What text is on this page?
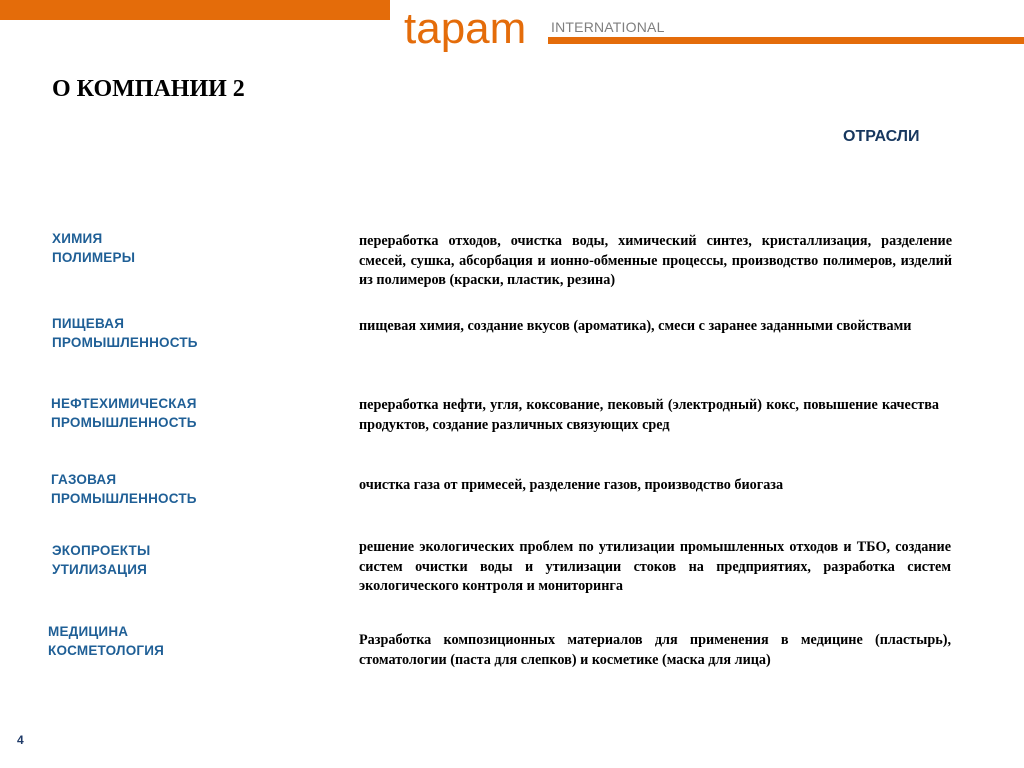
tapam INTERNATIONAL
О КОМПАНИИ 2
ОТРАСЛИ
ХИМИЯ
ПОЛИМЕРЫ
переработка отходов, очистка воды, химический синтез, кристаллизация, разделение смесей, сушка, абсорбация и ионно-обменные процессы, производство полимеров, изделий из полимеров (краски, пластик, резина)
ПИЩЕВАЯ
ПРОМЫШЛЕННОСТЬ
пищевая химия, создание вкусов (ароматика), смеси с заранее заданными свойствами
НЕФТЕХИМИЧЕСКАЯ
ПРОМЫШЛЕННОСТЬ
переработка нефти, угля, коксование, пековый (электродный) кокс, повышение качества продуктов, создание различных связующих сред
ГАЗОВАЯ
ПРОМЫШЛЕННОСТЬ
очистка газа от примесей, разделение газов, производство биогаза
ЭКОПРОЕКТЫ
УТИЛИЗАЦИЯ
решение экологических проблем по утилизации промышленных отходов и ТБО, создание систем очистки воды и утилизации стоков на предприятиях, разработка систем экологического контроля и мониторинга
МЕДИЦИНА
КОСМЕТОЛОГИЯ
Разработка композиционных материалов для применения в медицине (пластырь), стоматологии (паста для слепков) и косметике (маска для лица)
4
